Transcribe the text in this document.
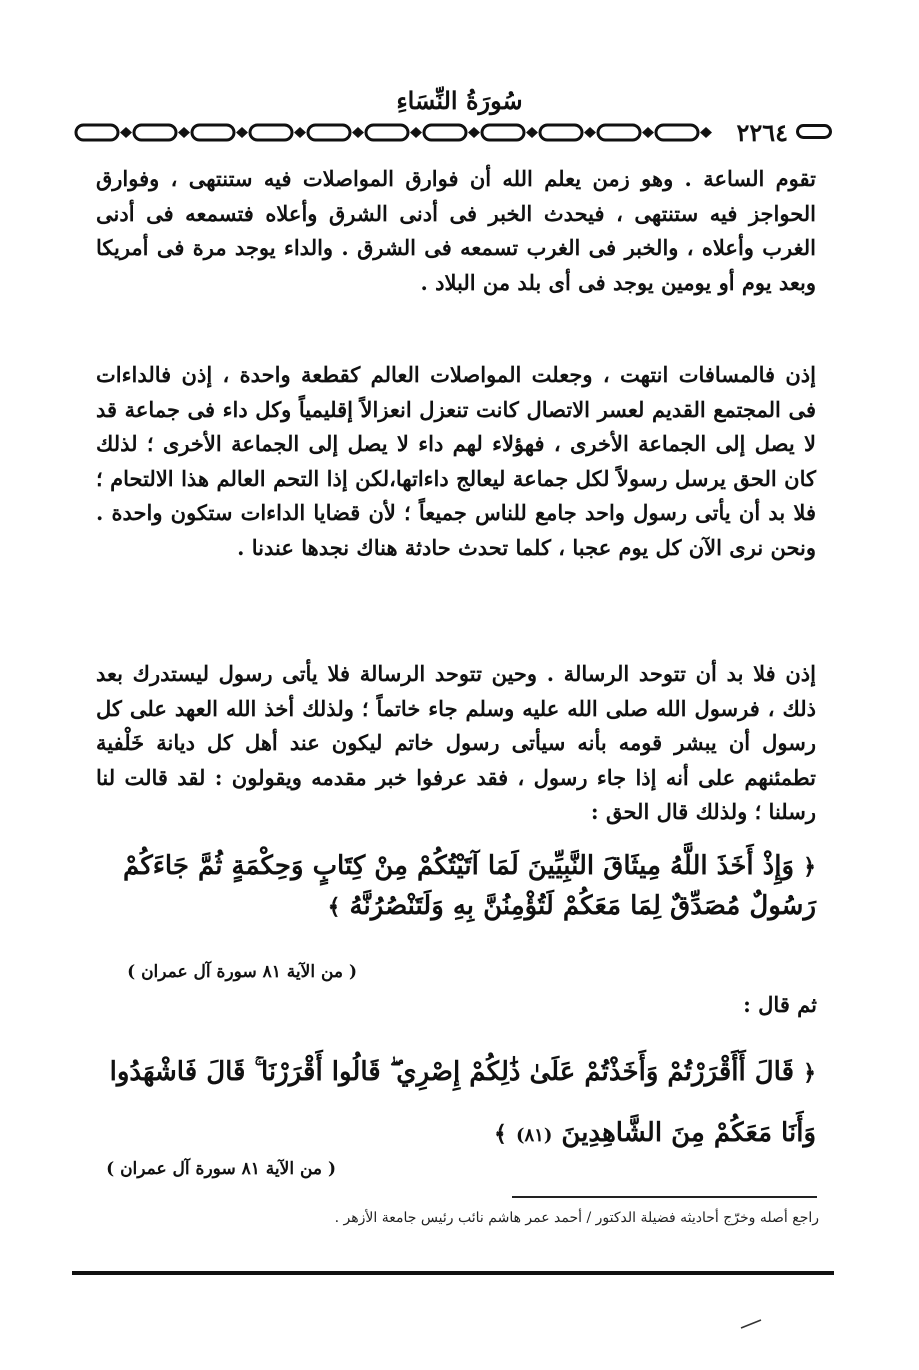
سُورَةُ النِّسَاءِ
٢٢٦٤

تقوم الساعة . وهو زمن يعلم الله أن فوارق المواصلات فيه ستنتهى ، وفوارق الحواجز فيه ستنتهى ، فيحدث الخبر فى أدنى الشرق وأعلاه فتسمعه فى أدنى الغرب وأعلاه ، والخبر فى الغرب تسمعه فى الشرق . والداء يوجد مرة فى أمريكا وبعد يوم أو يومين يوجد فى أى بلد من البلاد .

إذن فالمسافات انتهت ، وجعلت المواصلات العالم كقطعة واحدة ، إذن فالداءات فى المجتمع القديم لعسر الاتصال كانت تنعزل انعزالاً إقليمياً وكل داء فى جماعة قد لا يصل إلى الجماعة الأخرى ، فهؤلاء لهم داء لا يصل إلى الجماعة الأخرى ؛ لذلك كان الحق يرسل رسولاً لكل جماعة ليعالج داءاتها،لكن إذا التحم العالم هذا الالتحام ؛ فلا بد أن يأتى رسول واحد جامع للناس جميعاً ؛ لأن قضايا الداءات ستكون واحدة . ونحن نرى الآن كل يوم عجبا ، كلما تحدث حادثة هناك نجدها عندنا .

إذن فلا بد أن تتوحد الرسالة . وحين تتوحد الرسالة فلا يأتى رسول ليستدرك بعد ذلك ، فرسول الله صلى الله عليه وسلم جاء خاتماً ؛ ولذلك أخذ الله العهد على كل رسول أن يبشر قومه بأنه سيأتى رسول خاتم ليكون عند أهل كل ديانة خَلْفية تطمئنهم على أنه إذا جاء رسول ، فقد عرفوا خبر مقدمه ويقولون : لقد قالت لنا رسلنا ؛ ولذلك قال الحق :

﴿ وَإِذْ أَخَذَ اللَّهُ مِيثَاقَ النَّبِيِّينَ لَمَا آتَيْتُكُمْ مِنْ كِتَابٍ وَحِكْمَةٍ ثُمَّ جَاءَكُمْ رَسُولٌ مُصَدِّقٌ لِمَا مَعَكُمْ لَتُؤْمِنُنَّ بِهِ وَلَتَنْصُرُنَّهُ ﴾
( من الآية ٨١ سورة آل عمران )
ثم قال :
﴿ قَالَ أَأَقْرَرْتُمْ وَأَخَذْتُمْ عَلَىٰ ذَٰلِكُمْ إِصْرِي ۖ قَالُوا أَقْرَرْنَا ۚ قَالَ فَاشْهَدُوا وَأَنَا مَعَكُمْ مِنَ الشَّاهِدِينَ (٨١) ﴾
( من الآية ٨١ سورة آل عمران )
راجع أصله وخرّج أحاديثه فضيلة الدكتور / أحمد عمر هاشم نائب رئيس جامعة الأزهر .
